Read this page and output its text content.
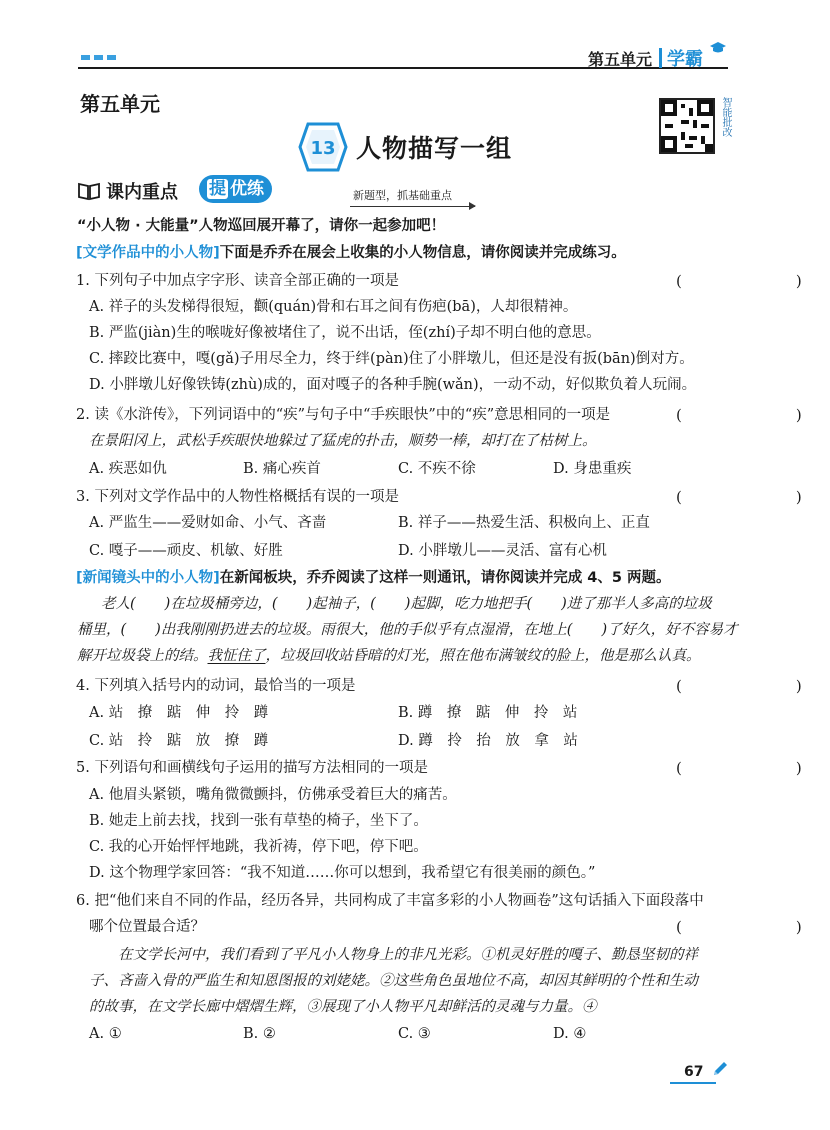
第五单元 学霸
第五单元
13 人物描写一组
智能批改
课内重点	提 优练	新题型，抓基础重点
“小人物 · 大能量”人物巡回展开幕了，请你一起参加吧！
[文学作品中的小人物]下面是乔乔在展会上收集的小人物信息，请你阅读并完成练习。
1. 下列句子中加点字字形、读音全部正确的一项是	(　　)
A. 祥子的头发梯得很短，颧(quán)骨和右耳之间有伤疤(bā)，人却很精神。
B. 严监(jiàn)生的喉咙好像被堵住了，说不出话，侄(zhí)子却不明白他的意思。
C. 摔跤比赛中，嘎(gǎ)子用尽全力，终于绊(pàn)住了小胖墩儿，但还是没有扳(bān)倒对方。
D. 小胖墩儿好像铁铸(zhù)成的，面对嘎子的各种手腕(wǎn)，一动不动，好似欺负着人玩闹。
2. 读《水浒传》，下列词语中的“疾”与句子中“手疾眼快”中的“疾”意思相同的一项是	(　　)
在景阳冈上，武松手疾眼快地躲过了猛虎的扑击，顺势一棒，却打在了枯树上。
A. 疾恶如仇	B. 痛心疾首	C. 不疾不徐	D. 身患重疾
3. 下列对文学作品中的人物性格概括有误的一项是	(　　)
A. 严监生——爱财如命、小气、吝啬	B. 祥子——热爱生活、积极向上、正直
C. 嘎子——顽皮、机敏、好胜	D. 小胖墩儿——灵活、富有心机
[新闻镜头中的小人物]在新闻板块，乔乔阅读了这样一则通讯，请你阅读并完成 4、5 两题。
老人(　　)在垃圾桶旁边，(　　)起袖子，(　　)起脚，吃力地把手(　　)进了那半人多高的垃圾
桶里，(　　)出我刚刚扔进去的垃圾。雨很大，他的手似乎有点湿滑，在地上(　　)了好久，好不容易才
解开垃圾袋上的结。我怔住了，垃圾回收站昏暗的灯光，照在他布满皱纹的脸上，他是那么认真。
4. 下列填入括号内的动词，最恰当的一项是	(　　)
A. 站　撩　踮　伸　拎　蹲	B. 蹲　撩　踮　伸　拎　站
C. 站　拎　踮　放　撩　蹲	D. 蹲　拎　抬　放　拿　站
5. 下列语句和画横线句子运用的描写方法相同的一项是	(　　)
A. 他眉头紧锁，嘴角微微颤抖，仿佛承受着巨大的痛苦。
B. 她走上前去找，找到一张有草垫的椅子，坐下了。
C. 我的心开始怦怦地跳，我祈祷，停下吧，停下吧。
D. 这个物理学家回答：“我不知道……你可以想到，我希望它有很美丽的颜色。”
6. 把“他们来自不同的作品，经历各异，共同构成了丰富多彩的小人物画卷”这句话插入下面段落中
哪个位置最合适？	(　　)
在文学长河中，我们看到了平凡小人物身上的非凡光彩。①机灵好胜的嘎子、勤恳坚韧的祥
子、吝啬入骨的严监生和知恩图报的刘姥姥。②这些角色虽地位不高，却因其鲜明的个性和生动
的故事，在文学长廊中熠熠生辉，③展现了小人物平凡却鲜活的灵魂与力量。④
A. ①	B. ②	C. ③	D. ④
67
